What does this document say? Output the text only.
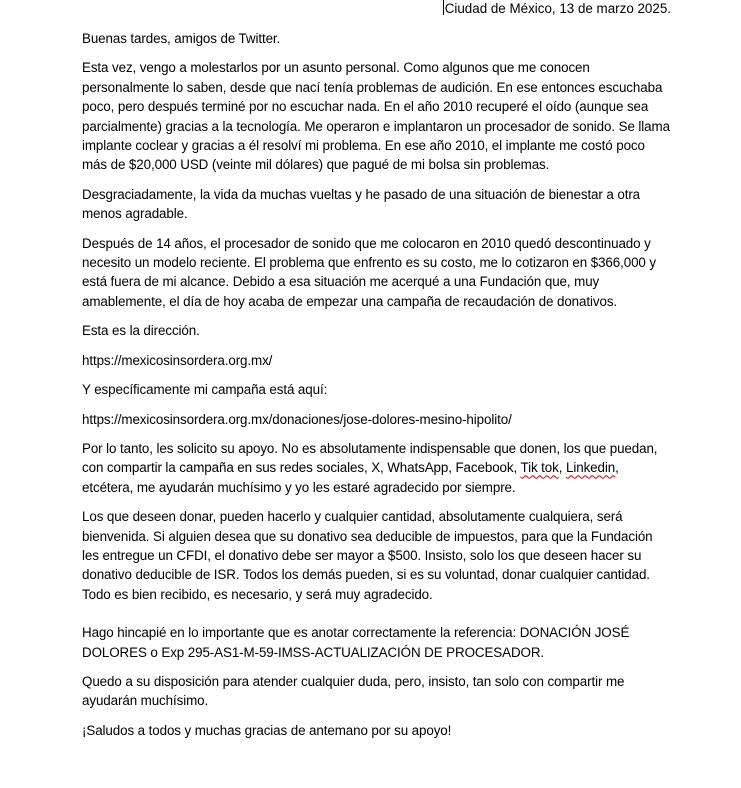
Ciudad de México, 13 de marzo 2025.

Buenas tardes, amigos de Twitter.

Esta vez, vengo a molestarlos por un asunto personal. Como algunos que me conocen personalmente lo saben, desde que nací tenía problemas de audición. En ese entonces escuchaba poco, pero después terminé por no escuchar nada. En el año 2010 recuperé el oído (aunque sea parcialmente) gracias a la tecnología. Me operaron e implantaron un procesador de sonido. Se llama implante coclear y gracias a él resolví mi problema. En ese año 2010, el implante me costó poco más de $20,000 USD (veinte mil dólares) que pagué de mi bolsa sin problemas.

Desgraciadamente, la vida da muchas vueltas y he pasado de una situación de bienestar a otra menos agradable.

Después de 14 años, el procesador de sonido que me colocaron en 2010 quedó descontinuado y necesito un modelo reciente. El problema que enfrento es su costo, me lo cotizaron en $366,000 y está fuera de mi alcance. Debido a esa situación me acerqué a una Fundación que, muy amablemente, el día de hoy acaba de empezar una campaña de recaudación de donativos.

Esta es la dirección.

https://mexicosinsordera.org.mx/

Y específicamente mi campaña está aquí:

https://mexicosinsordera.org.mx/donaciones/jose-dolores-mesino-hipolito/

Por lo tanto, les solicito su apoyo. No es absolutamente indispensable que donen, los que puedan, con compartir la campaña en sus redes sociales, X, WhatsApp, Facebook, Tik tok, Linkedin, etcétera, me ayudarán muchísimo y yo les estaré agradecido por siempre.

Los que deseen donar, pueden hacerlo y cualquier cantidad, absolutamente cualquiera, será bienvenida. Si alguien desea que su donativo sea deducible de impuestos, para que la Fundación les entregue un CFDI, el donativo debe ser mayor a $500. Insisto, solo los que deseen hacer su donativo deducible de ISR. Todos los demás pueden, si es su voluntad, donar cualquier cantidad. Todo es bien recibido, es necesario, y será muy agradecido.

Hago hincapié en lo importante que es anotar correctamente la referencia: DONACIÓN JOSÉ DOLORES o Exp 295-AS1-M-59-IMSS-ACTUALIZACIÓN DE PROCESADOR.

Quedo a su disposición para atender cualquier duda, pero, insisto, tan solo con compartir me ayudarán muchísimo.

¡Saludos a todos y muchas gracias de antemano por su apoyo!
